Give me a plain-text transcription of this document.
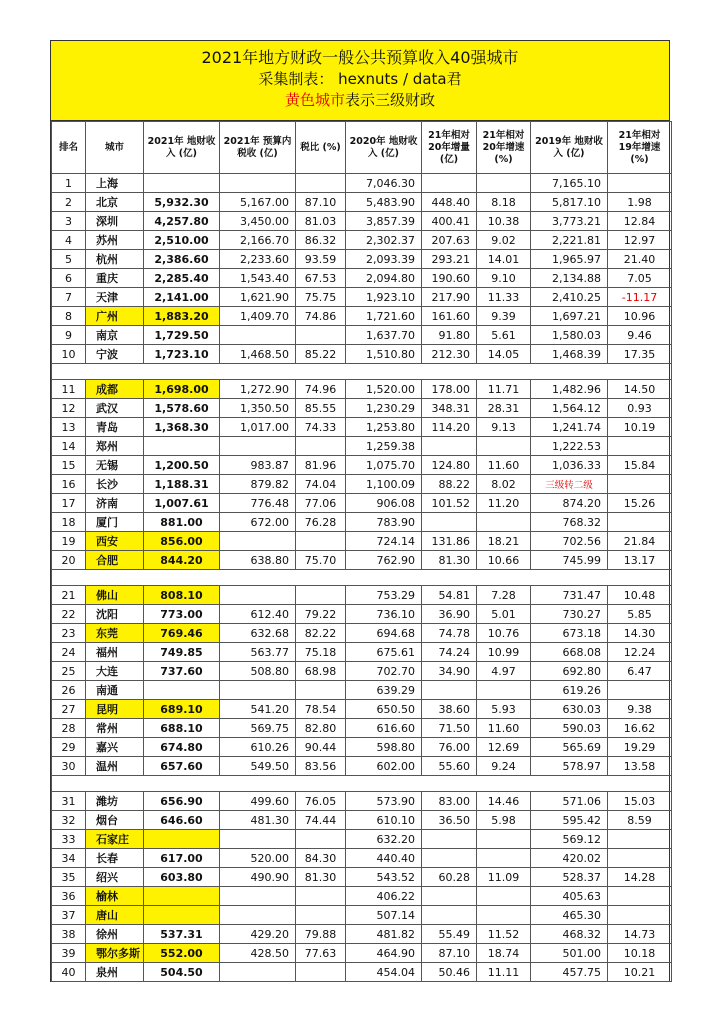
2021年地方财政一般公共预算收入40强城市
采集制表： hexnuts / data君
黄色城市表示三级财政
排名	城市	2021年 地财收入 (亿)	2021年 预算内税收 (亿)	税比 (%)	2020年 地财收入 (亿)	21年相对 20年增量 (亿)	21年相对 20年增速 (%)	2019年 地财收入 (亿)	21年相对 19年增速 (%)
1	上海				7,046.30			7,165.10	
2	北京	5,932.30	5,167.00	87.10	5,483.90	448.40	8.18	5,817.10	1.98
3	深圳	4,257.80	3,450.00	81.03	3,857.39	400.41	10.38	3,773.21	12.84
4	苏州	2,510.00	2,166.70	86.32	2,302.37	207.63	9.02	2,221.81	12.97
5	杭州	2,386.60	2,233.60	93.59	2,093.39	293.21	14.01	1,965.97	21.40
6	重庆	2,285.40	1,543.40	67.53	2,094.80	190.60	9.10	2,134.88	7.05
7	天津	2,141.00	1,621.90	75.75	1,923.10	217.90	11.33	2,410.25	-11.17
8	广州	1,883.20	1,409.70	74.86	1,721.60	161.60	9.39	1,697.21	10.96
9	南京	1,729.50			1,637.70	91.80	5.61	1,580.03	9.46
10	宁波	1,723.10	1,468.50	85.22	1,510.80	212.30	14.05	1,468.39	17.35

11	成都	1,698.00	1,272.90	74.96	1,520.00	178.00	11.71	1,482.96	14.50
12	武汉	1,578.60	1,350.50	85.55	1,230.29	348.31	28.31	1,564.12	0.93
13	青岛	1,368.30	1,017.00	74.33	1,253.80	114.20	9.13	1,241.74	10.19
14	郑州				1,259.38			1,222.53	
15	无锡	1,200.50	983.87	81.96	1,075.70	124.80	11.60	1,036.33	15.84
16	长沙	1,188.31	879.82	74.04	1,100.09	88.22	8.02	三级转二级	
17	济南	1,007.61	776.48	77.06	906.08	101.52	11.20	874.20	15.26
18	厦门	881.00	672.00	76.28	783.90			768.32	
19	西安	856.00			724.14	131.86	18.21	702.56	21.84
20	合肥	844.20	638.80	75.70	762.90	81.30	10.66	745.99	13.17

21	佛山	808.10			753.29	54.81	7.28	731.47	10.48
22	沈阳	773.00	612.40	79.22	736.10	36.90	5.01	730.27	5.85
23	东莞	769.46	632.68	82.22	694.68	74.78	10.76	673.18	14.30
24	福州	749.85	563.77	75.18	675.61	74.24	10.99	668.08	12.24
25	大连	737.60	508.80	68.98	702.70	34.90	4.97	692.80	6.47
26	南通				639.29			619.26	
27	昆明	689.10	541.20	78.54	650.50	38.60	5.93	630.03	9.38
28	常州	688.10	569.75	82.80	616.60	71.50	11.60	590.03	16.62
29	嘉兴	674.80	610.26	90.44	598.80	76.00	12.69	565.69	19.29
30	温州	657.60	549.50	83.56	602.00	55.60	9.24	578.97	13.58

31	潍坊	656.90	499.60	76.05	573.90	83.00	14.46	571.06	15.03
32	烟台	646.60	481.30	74.44	610.10	36.50	5.98	595.42	8.59
33	石家庄				632.20			569.12	
34	长春	617.00	520.00	84.30	440.40			420.02	
35	绍兴	603.80	490.90	81.30	543.52	60.28	11.09	528.37	14.28
36	榆林				406.22			405.63	
37	唐山				507.14			465.30	
38	徐州	537.31	429.20	79.88	481.82	55.49	11.52	468.32	14.73
39	鄂尔多斯	552.00	428.50	77.63	464.90	87.10	18.74	501.00	10.18
40	泉州	504.50			454.04	50.46	11.11	457.75	10.21
